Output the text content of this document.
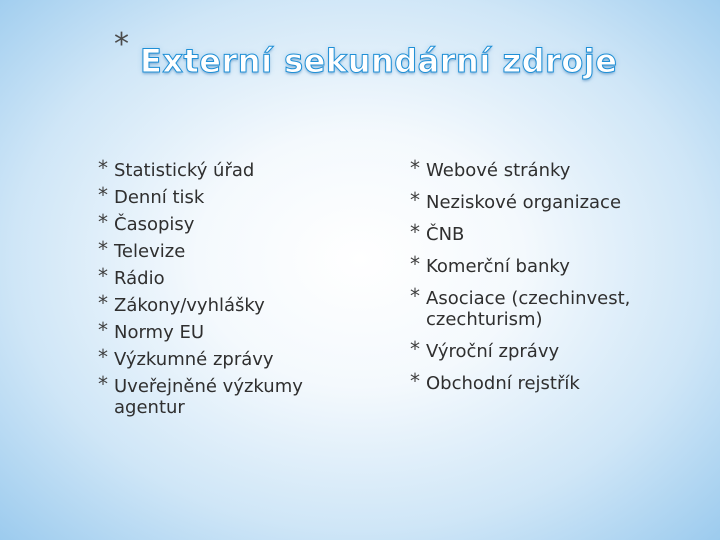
* Externí sekundární zdroje
* Statistický úřad
* Denní tisk
* Časopisy
* Televize
* Rádio
* Zákony/vyhlášky
* Normy EU
* Výzkumné zprávy
* Uveřejněné výzkumy agentur
* Webové stránky
* Neziskové organizace
* ČNB
* Komerční banky
* Asociace (czechinvest, czechturism)
* Výroční zprávy
* Obchodní rejstřík
